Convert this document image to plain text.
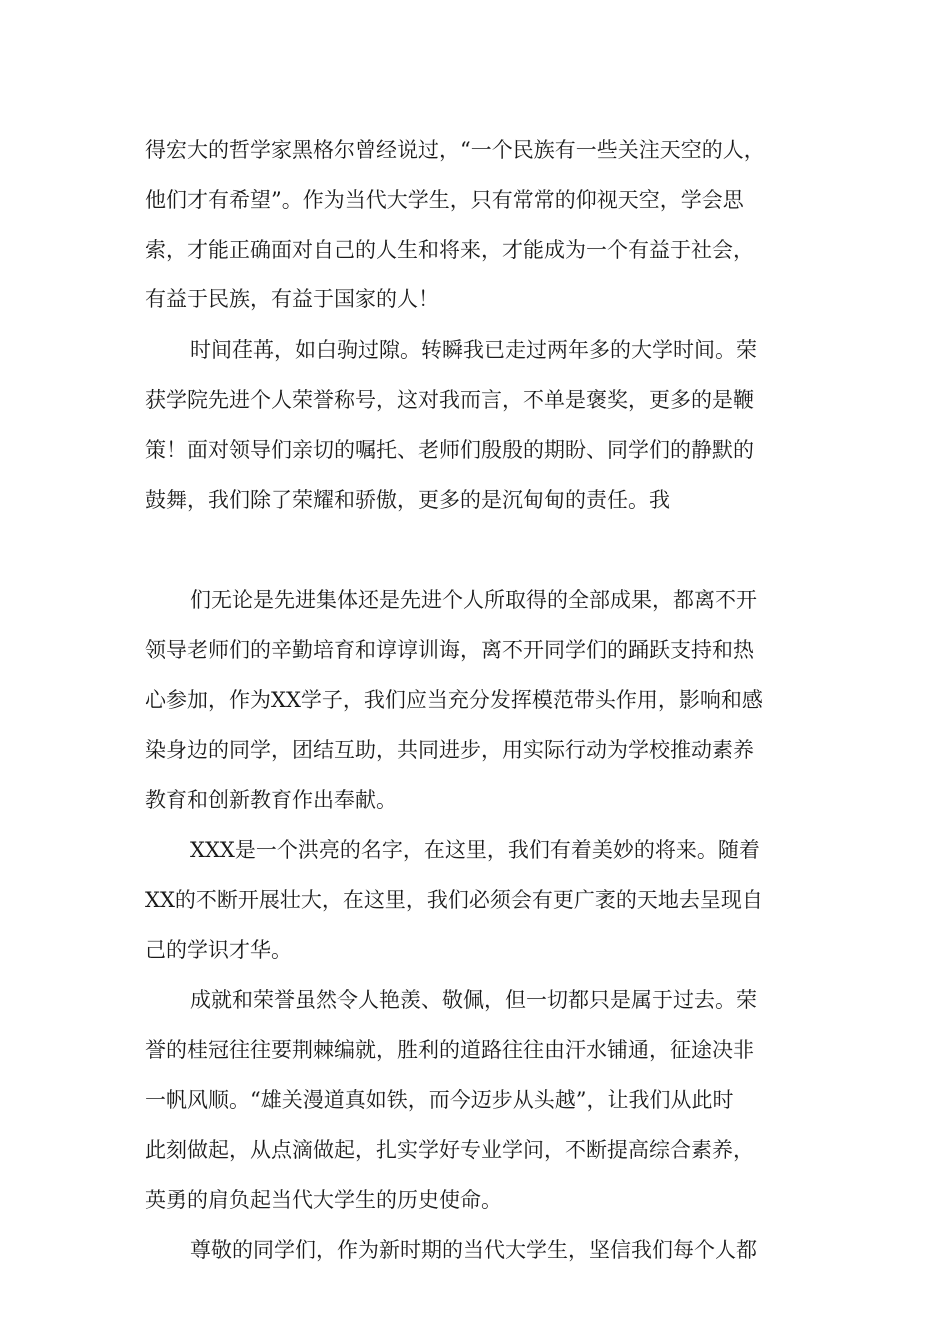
得宏大的哲学家黑格尔曾经说过，“一个民族有一些关注天空的人，
他们才有希望”。作为当代大学生，只有常常的仰视天空，学会思
索，才能正确面对自己的人生和将来，才能成为一个有益于社会，
有益于民族，有益于国家的人！
时间荏苒，如白驹过隙。转瞬我已走过两年多的大学时间。荣
获学院先进个人荣誉称号，这对我而言，不单是褒奖，更多的是鞭
策！面对领导们亲切的嘱托、老师们殷殷的期盼、同学们的静默的
鼓舞，我们除了荣耀和骄傲，更多的是沉甸甸的责任。我
们无论是先进集体还是先进个人所取得的全部成果，都离不开
领导老师们的辛勤培育和谆谆训诲，离不开同学们的踊跃支持和热
心参加，作为XX学子，我们应当充分发挥模范带头作用，影响和感
染身边的同学，团结互助，共同进步，用实际行动为学校推动素养
教育和创新教育作出奉献。
XXX是一个洪亮的名字，在这里，我们有着美妙的将来。随着
XX的不断开展壮大，在这里，我们必须会有更广袤的天地去呈现自
己的学识才华。
成就和荣誉虽然令人艳羡、敬佩，但一切都只是属于过去。荣
誉的桂冠往往要荆棘编就，胜利的道路往往由汗水铺通，征途决非
一帆风顺。“雄关漫道真如铁，而今迈步从头越”，让我们从此时
此刻做起，从点滴做起，扎实学好专业学问，不断提高综合素养，
英勇的肩负起当代大学生的历史使命。
尊敬的同学们，作为新时期的当代大学生，坚信我们每个人都
